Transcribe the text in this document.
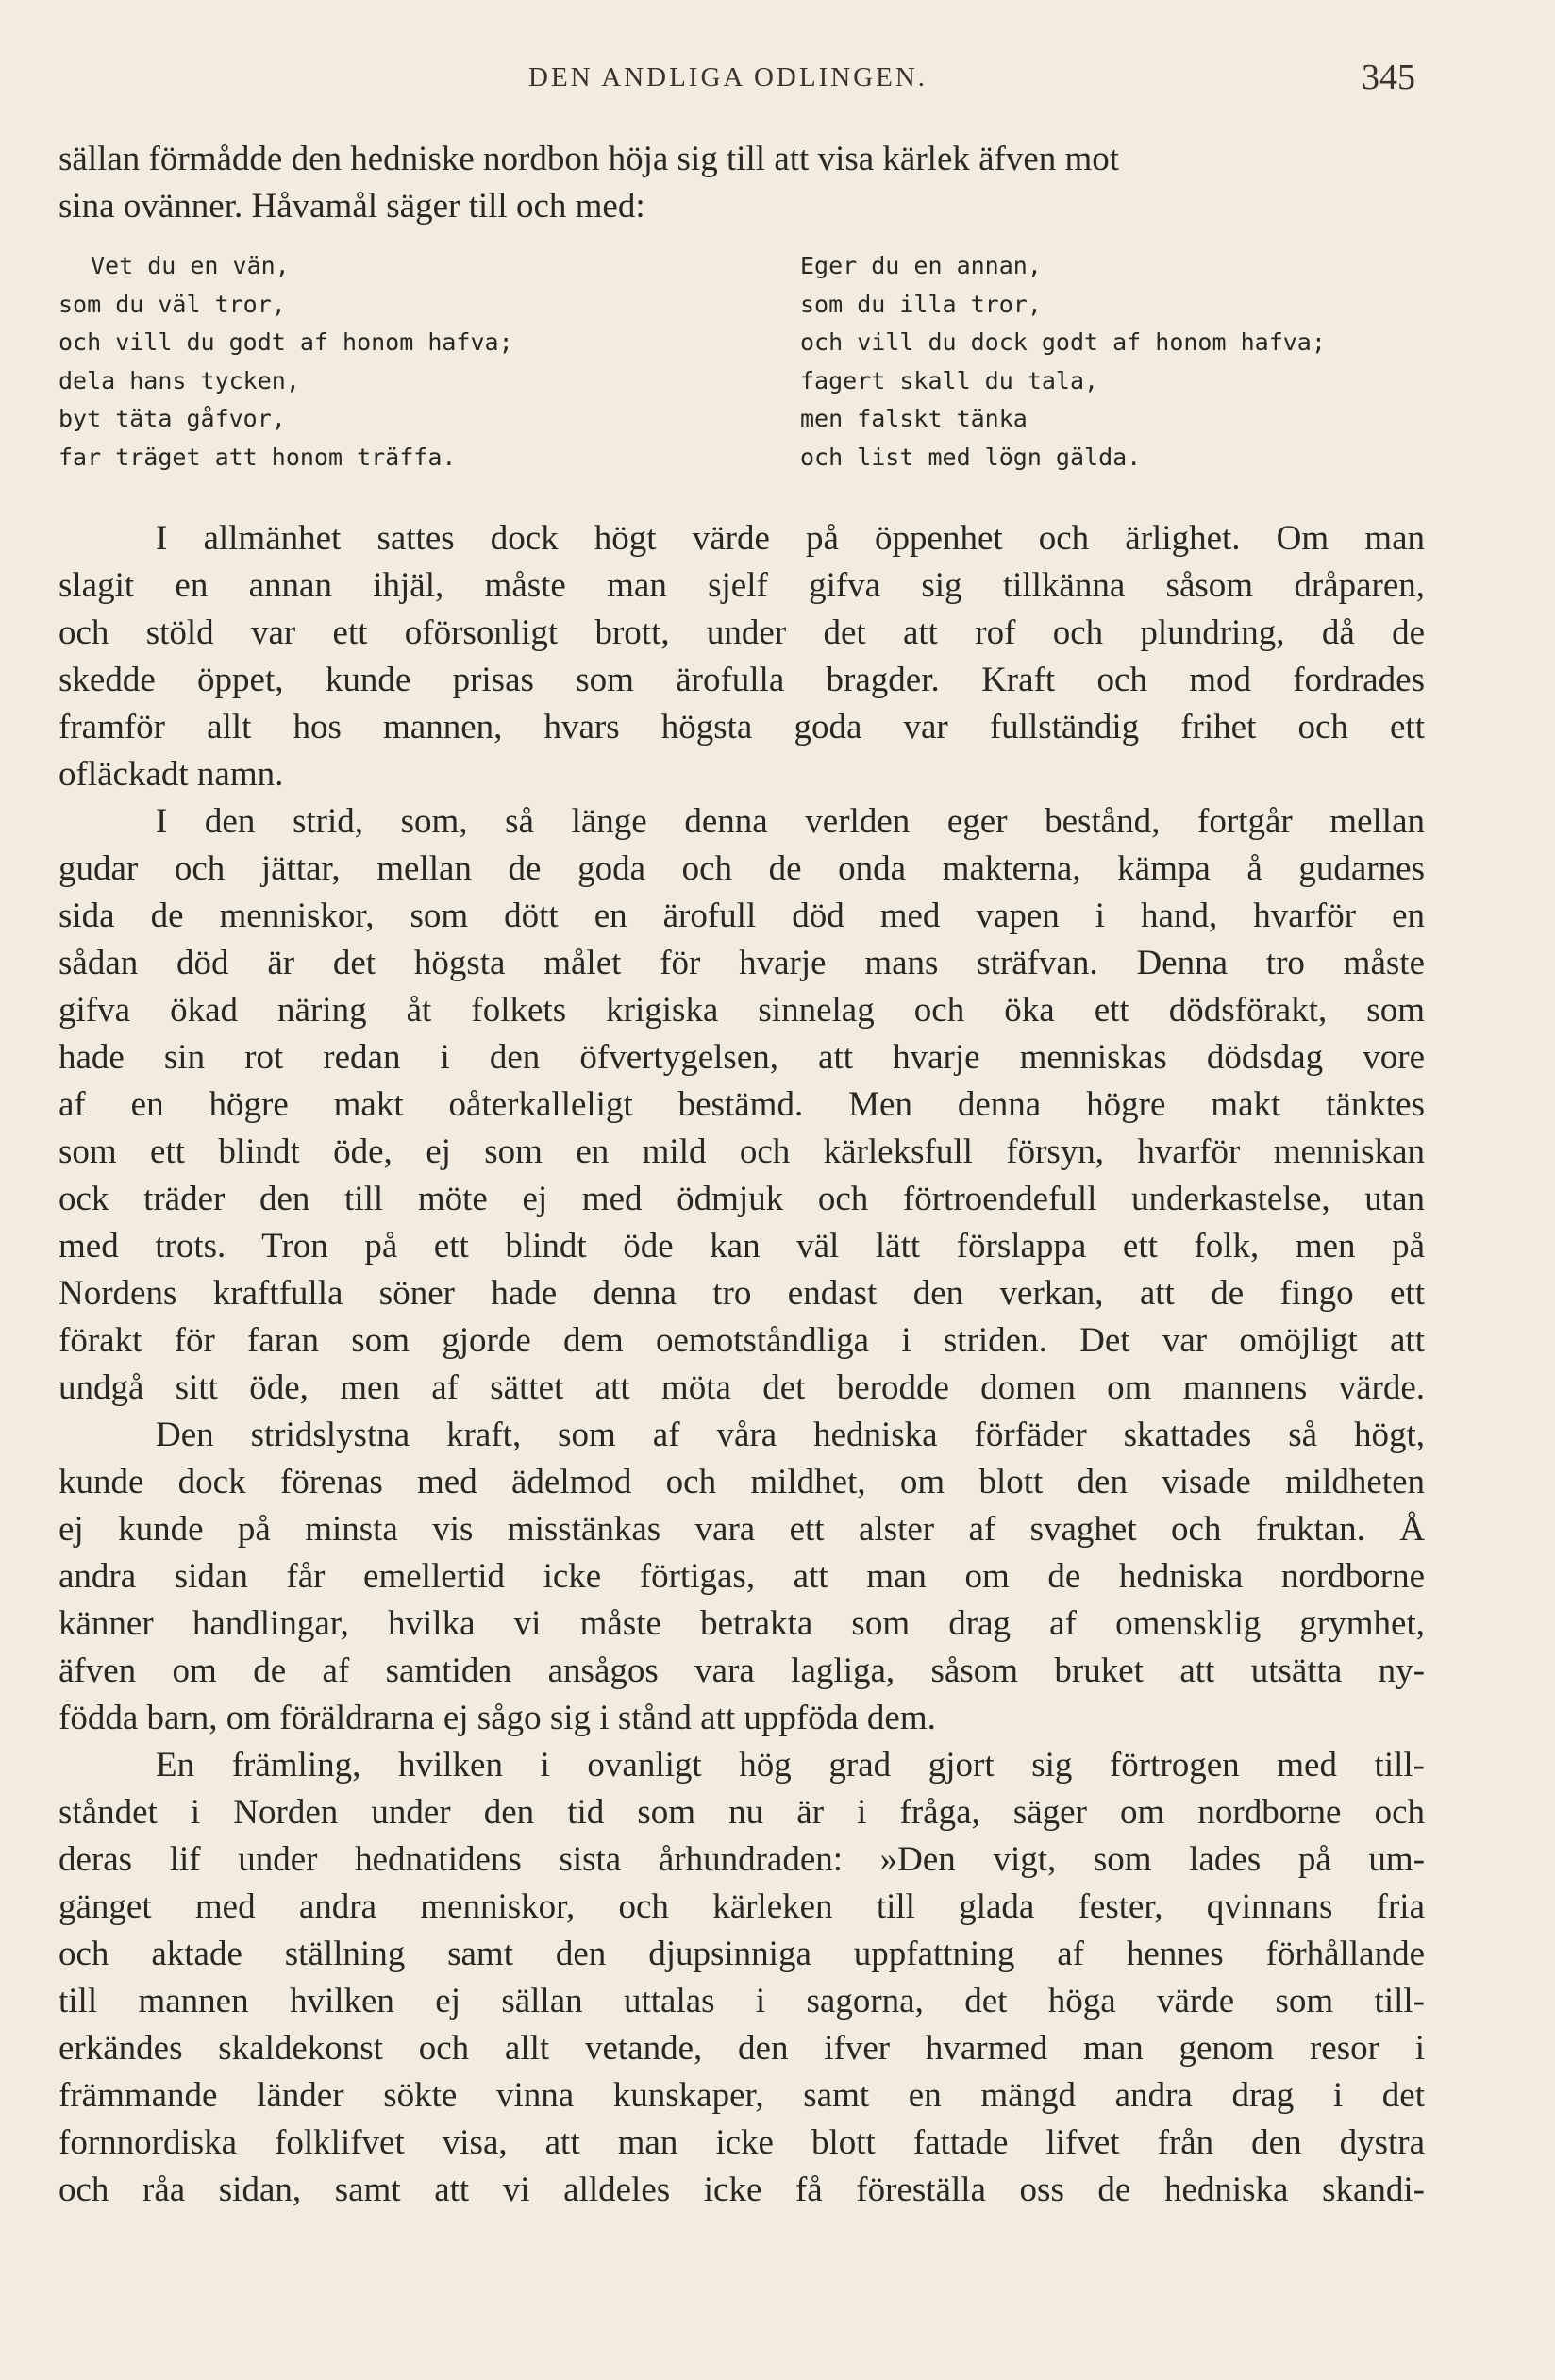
DEN ANDLIGA ODLINGEN.	345
sällan förmådde den hedniske nordbon höja sig till att visa kärlek äfven mot
sina ovänner. Håvamål säger till och med:
Vet du en vän,
som du väl tror,
och vill du godt af honom hafva;
dela hans tycken,
byt täta gåfvor,
far träget att honom träffa.
Eger du en annan,
som du illa tror,
och vill du dock godt af honom hafva;
fagert skall du tala,
men falskt tänka
och list med lögn gälda.
I allmänhet sattes dock högt värde på öppenhet och ärlighet. Om man
slagit en annan ihjäl, måste man sjelf gifva sig tillkänna såsom dråparen,
och stöld var ett oförsonligt brott, under det att rof och plundring, då de
skedde öppet, kunde prisas som ärofulla bragder. Kraft och mod fordrades
framför allt hos mannen, hvars högsta goda var fullständig frihet och ett
ofläckadt namn.
I den strid, som, så länge denna verlden eger bestånd, fortgår mellan
gudar och jättar, mellan de goda och de onda makterna, kämpa å gudarnes
sida de menniskor, som dött en ärofull död med vapen i hand, hvarför en
sådan död är det högsta målet för hvarje mans sträfvan. Denna tro måste
gifva ökad näring åt folkets krigiska sinnelag och öka ett dödsförakt, som
hade sin rot redan i den öfvertygelsen, att hvarje menniskas dödsdag vore
af en högre makt oåterkalleligt bestämd. Men denna högre makt tänktes
som ett blindt öde, ej som en mild och kärleksfull försyn, hvarför menniskan
ock träder den till möte ej med ödmjuk och förtroendefull underkastelse, utan
med trots. Tron på ett blindt öde kan väl lätt förslappa ett folk, men på
Nordens kraftfulla söner hade denna tro endast den verkan, att de fingo ett
förakt för faran som gjorde dem oemotståndliga i striden. Det var omöjligt att
undgå sitt öde, men af sättet att möta det berodde domen om mannens värde.
Den stridslystna kraft, som af våra hedniska förfäder skattades så högt,
kunde dock förenas med ädelmod och mildhet, om blott den visade mildheten
ej kunde på minsta vis misstänkas vara ett alster af svaghet och fruktan. Å
andra sidan får emellertid icke förtigas, att man om de hedniska nordborne
känner handlingar, hvilka vi måste betrakta som drag af omensklig grymhet,
äfven om de af samtiden ansågos vara lagliga, såsom bruket att utsätta ny-
födda barn, om föräldrarna ej sågo sig i stånd att uppföda dem.
En främling, hvilken i ovanligt hög grad gjort sig förtrogen med till-
ståndet i Norden under den tid som nu är i fråga, säger om nordborne och
deras lif under hednatidens sista århundraden: »Den vigt, som lades på um-
gänget med andra menniskor, och kärleken till glada fester, qvinnans fria
och aktade ställning samt den djupsinniga uppfattning af hennes förhållande
till mannen hvilken ej sällan uttalas i sagorna, det höga värde som till-
erkändes skaldekonst och allt vetande, den ifver hvarmed man genom resor i
främmande länder sökte vinna kunskaper, samt en mängd andra drag i det
fornnordiska folklifvet visa, att man icke blott fattade lifvet från den dystra
och råa sidan, samt att vi alldeles icke få föreställa oss de hedniska skandi-
